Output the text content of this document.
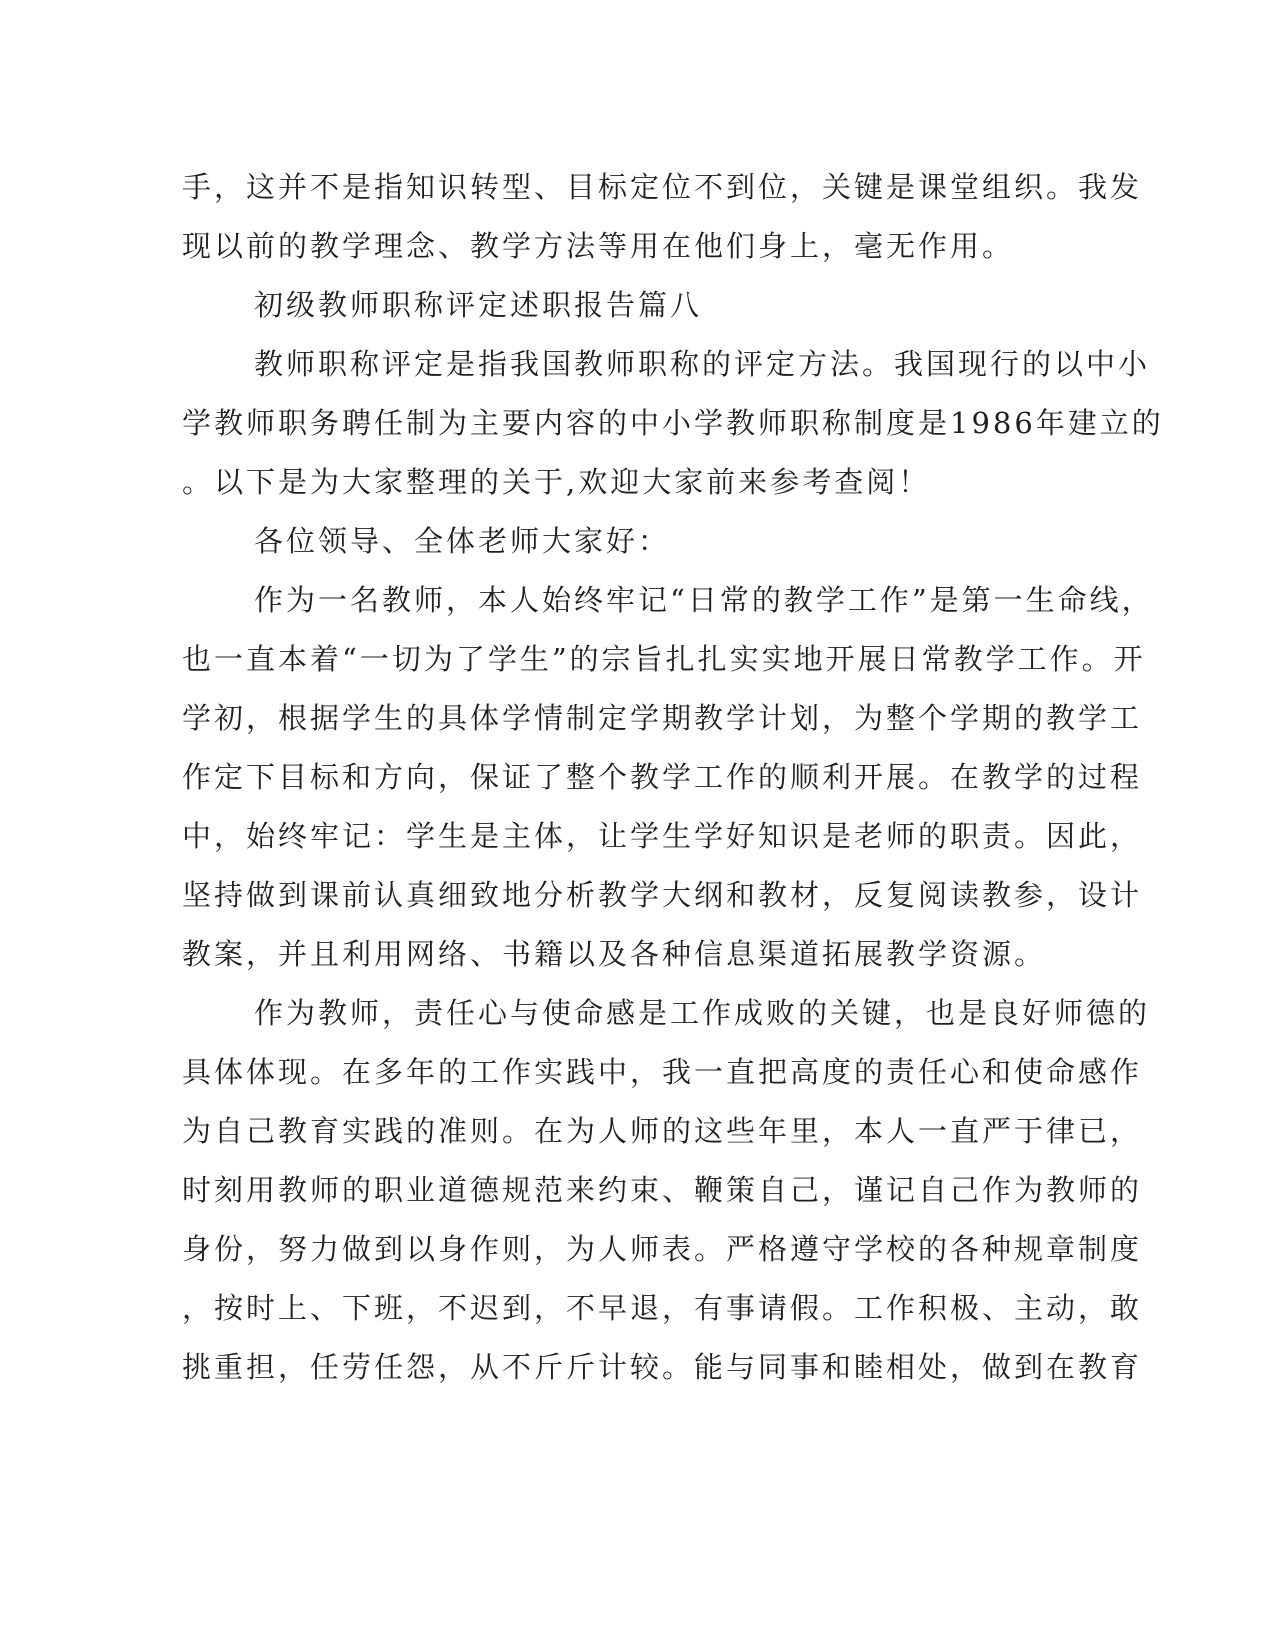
手，这并不是指知识转型、目标定位不到位，关键是课堂组织。我发
现以前的教学理念、教学方法等用在他们身上，毫无作用。
初级教师职称评定述职报告篇八
教师职称评定是指我国教师职称的评定方法。我国现行的以中小
学教师职务聘任制为主要内容的中小学教师职称制度是1986年建立的
。以下是为大家整理的关于,欢迎大家前来参考查阅！
各位领导、全体老师大家好：
作为一名教师，本人始终牢记“日常的教学工作”是第一生命线，
也一直本着“一切为了学生”的宗旨扎扎实实地开展日常教学工作。开
学初，根据学生的具体学情制定学期教学计划，为整个学期的教学工
作定下目标和方向，保证了整个教学工作的顺利开展。在教学的过程
中，始终牢记：学生是主体，让学生学好知识是老师的职责。因此，
坚持做到课前认真细致地分析教学大纲和教材，反复阅读教参，设计
教案，并且利用网络、书籍以及各种信息渠道拓展教学资源。
作为教师，责任心与使命感是工作成败的关键，也是良好师德的
具体体现。在多年的工作实践中，我一直把高度的责任心和使命感作
为自己教育实践的准则。在为人师的这些年里，本人一直严于律已，
时刻用教师的职业道德规范来约束、鞭策自己，谨记自己作为教师的
身份，努力做到以身作则，为人师表。严格遵守学校的各种规章制度
，按时上、下班，不迟到，不早退，有事请假。工作积极、主动，敢
挑重担，任劳任怨，从不斤斤计较。能与同事和睦相处，做到在教育
